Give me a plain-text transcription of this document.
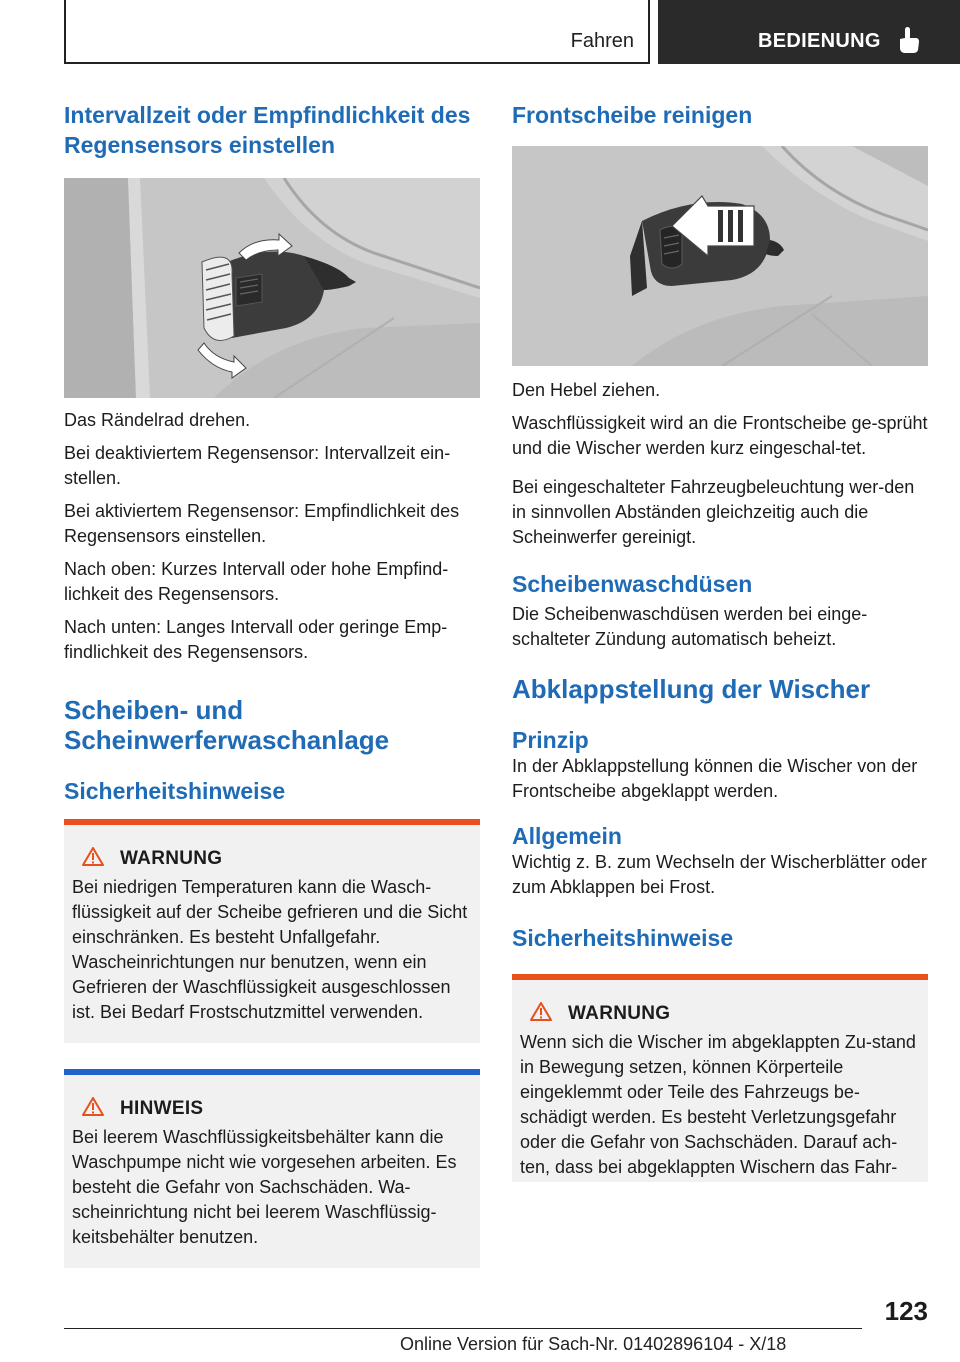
Fahren	BEDIENUNG
Intervallzeit oder Empfindlichkeit des Regensensors einstellen

Das Rändelrad drehen.

Bei deaktiviertem Regensensor: Intervallzeit ein-stellen.

Bei aktiviertem Regensensor: Empfindlichkeit des Regensensors einstellen.

Nach oben: Kurzes Intervall oder hohe Empfind-lichkeit des Regensensors.

Nach unten: Langes Intervall oder geringe Emp-findlichkeit des Regensensors.

Scheiben- und Scheinwerferwaschanlage
Sicherheitshinweise
WARNUNG

Bei niedrigen Temperaturen kann die Wasch-flüssigkeit auf der Scheibe gefrieren und die Sicht einschränken. Es besteht Unfallgefahr. Wascheinrichtungen nur benutzen, wenn ein Gefrieren der Waschflüssigkeit ausgeschlossen ist. Bei Bedarf Frostschutzmittel verwenden.

HINWEIS

Bei leerem Waschflüssigkeitsbehälter kann die Waschpumpe nicht wie vorgesehen arbeiten. Es besteht die Gefahr von Sachschäden. Wa-scheinrichtung nicht bei leerem Waschflüssig-keitsbehälter benutzen.

Frontscheibe reinigen

Den Hebel ziehen.

Waschflüssigkeit wird an die Frontscheibe ge-sprüht und die Wischer werden kurz eingeschal-tet.

Bei eingeschalteter Fahrzeugbeleuchtung wer-den in sinnvollen Abständen gleichzeitig auch die Scheinwerfer gereinigt.

Scheibenwaschdüsen

Die Scheibenwaschdüsen werden bei einge-schalteter Zündung automatisch beheizt.

Abklappstellung der Wischer
Prinzip

In der Abklappstellung können die Wischer von der Frontscheibe abgeklappt werden.

Allgemein

Wichtig z. B. zum Wechseln der Wischerblätter oder zum Abklappen bei Frost.

Sicherheitshinweise
WARNUNG

Wenn sich die Wischer im abgeklappten Zu-stand in Bewegung setzen, können Körperteile eingeklemmt oder Teile des Fahrzeugs be-schädigt werden. Es besteht Verletzungsgefahr oder die Gefahr von Sachschäden. Darauf ach-ten, dass bei abgeklappten Wischern das Fahr-

123
Online Version für Sach-Nr. 01402896104 - X/18
